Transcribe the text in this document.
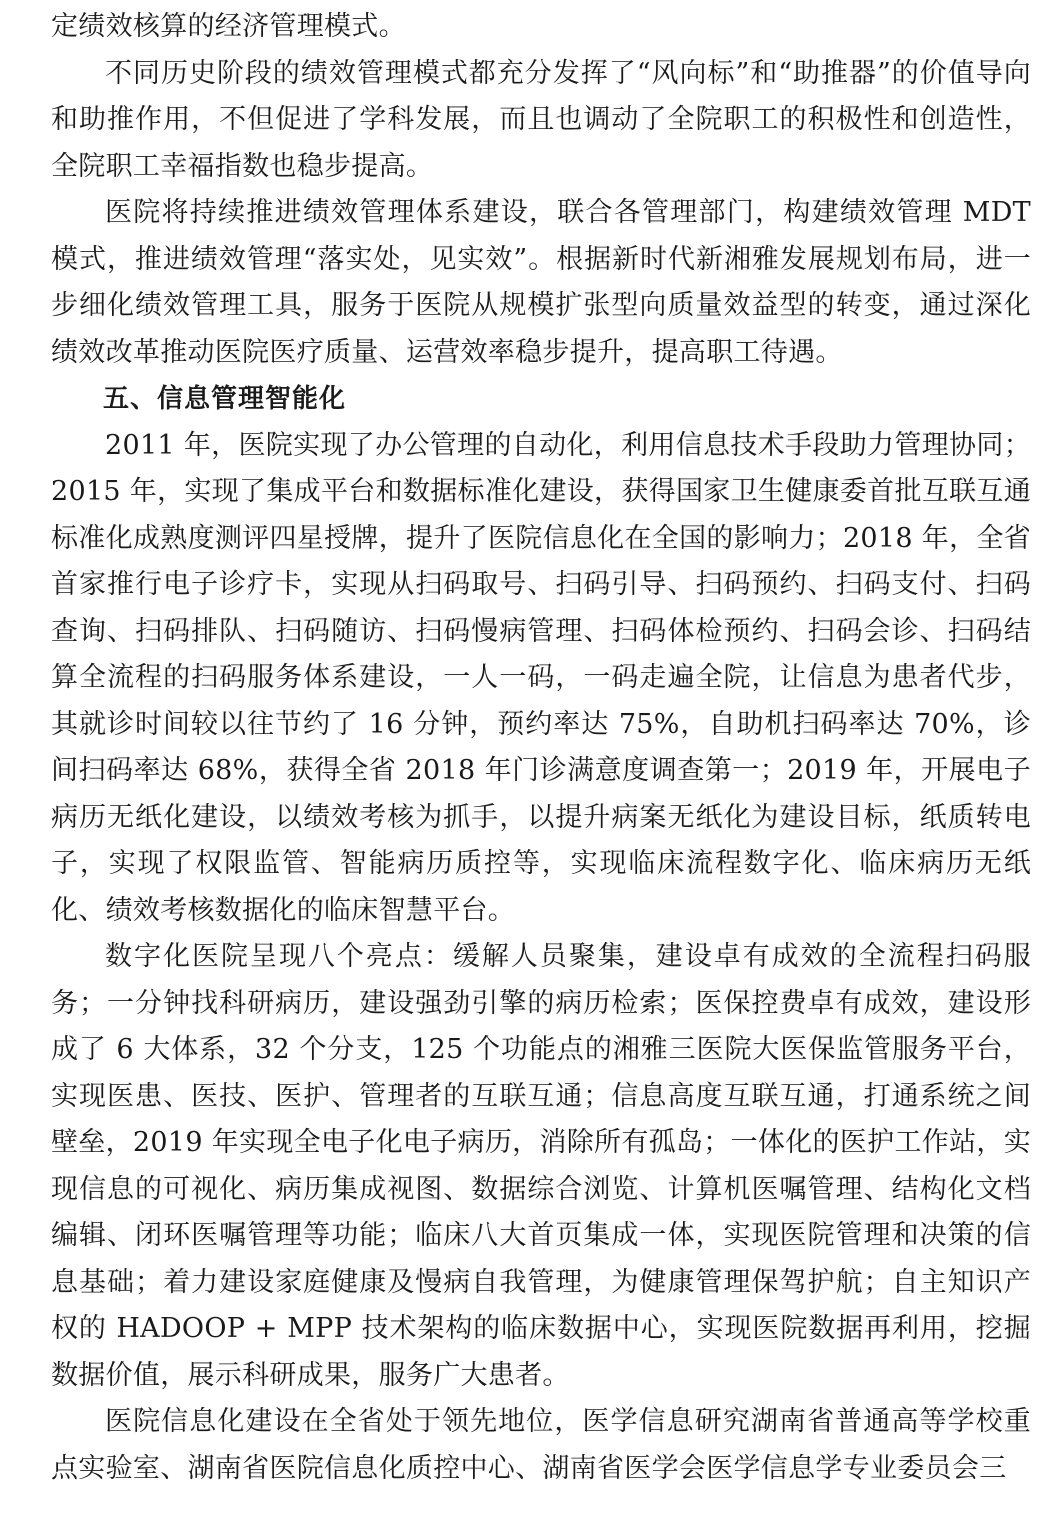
定绩效核算的经济管理模式。

不同历史阶段的绩效管理模式都充分发挥了“风向标”和“助推器”的价值导向和助推作用，不但促进了学科发展，而且也调动了全院职工的积极性和创造性，全院职工幸福指数也稳步提高。

医院将持续推进绩效管理体系建设，联合各管理部门，构建绩效管理 MDT 模式，推进绩效管理“落实处，见实效”。根据新时代新湘雅发展规划布局，进一步细化绩效管理工具，服务于医院从规模扩张型向质量效益型的转变，通过深化绩效改革推动医院医疗质量、运营效率稳步提升，提高职工待遇。

五、信息管理智能化

2011 年，医院实现了办公管理的自动化，利用信息技术手段助力管理协同；2015 年，实现了集成平台和数据标准化建设，获得国家卫生健康委首批互联互通标准化成熟度测评四星授牌，提升了医院信息化在全国的影响力；2018 年，全省首家推行电子诊疗卡，实现从扫码取号、扫码引导、扫码预约、扫码支付、扫码查询、扫码排队、扫码随访、扫码慢病管理、扫码体检预约、扫码会诊、扫码结算全流程的扫码服务体系建设，一人一码，一码走遍全院，让信息为患者代步，其就诊时间较以往节约了 16 分钟，预约率达 75%，自助机扫码率达 70%，诊间扫码率达 68%，获得全省 2018 年门诊满意度调查第一；2019 年，开展电子病历无纸化建设，以绩效考核为抓手，以提升病案无纸化为建设目标，纸质转电子，实现了权限监管、智能病历质控等，实现临床流程数字化、临床病历无纸化、绩效考核数据化的临床智慧平台。

数字化医院呈现八个亮点：缓解人员聚集，建设卓有成效的全流程扫码服务；一分钟找科研病历，建设强劲引擎的病历检索；医保控费卓有成效，建设形成了 6 大体系，32 个分支，125 个功能点的湘雅三医院大医保监管服务平台，实现医患、医技、医护、管理者的互联互通；信息高度互联互通，打通系统之间壁垒，2019 年实现全电子化电子病历，消除所有孤岛；一体化的医护工作站，实现信息的可视化、病历集成视图、数据综合浏览、计算机医嘱管理、结构化文档编辑、闭环医嘱管理等功能；临床八大首页集成一体，实现医院管理和决策的信息基础；着力建设家庭健康及慢病自我管理，为健康管理保驾护航；自主知识产权的 HADOOP + MPP 技术架构的临床数据中心，实现医院数据再利用，挖掘数据价值，展示科研成果，服务广大患者。

医院信息化建设在全省处于领先地位，医学信息研究湖南省普通高等学校重点实验室、湖南省医院信息化质控中心、湖南省医学会医学信息学专业委员会三
